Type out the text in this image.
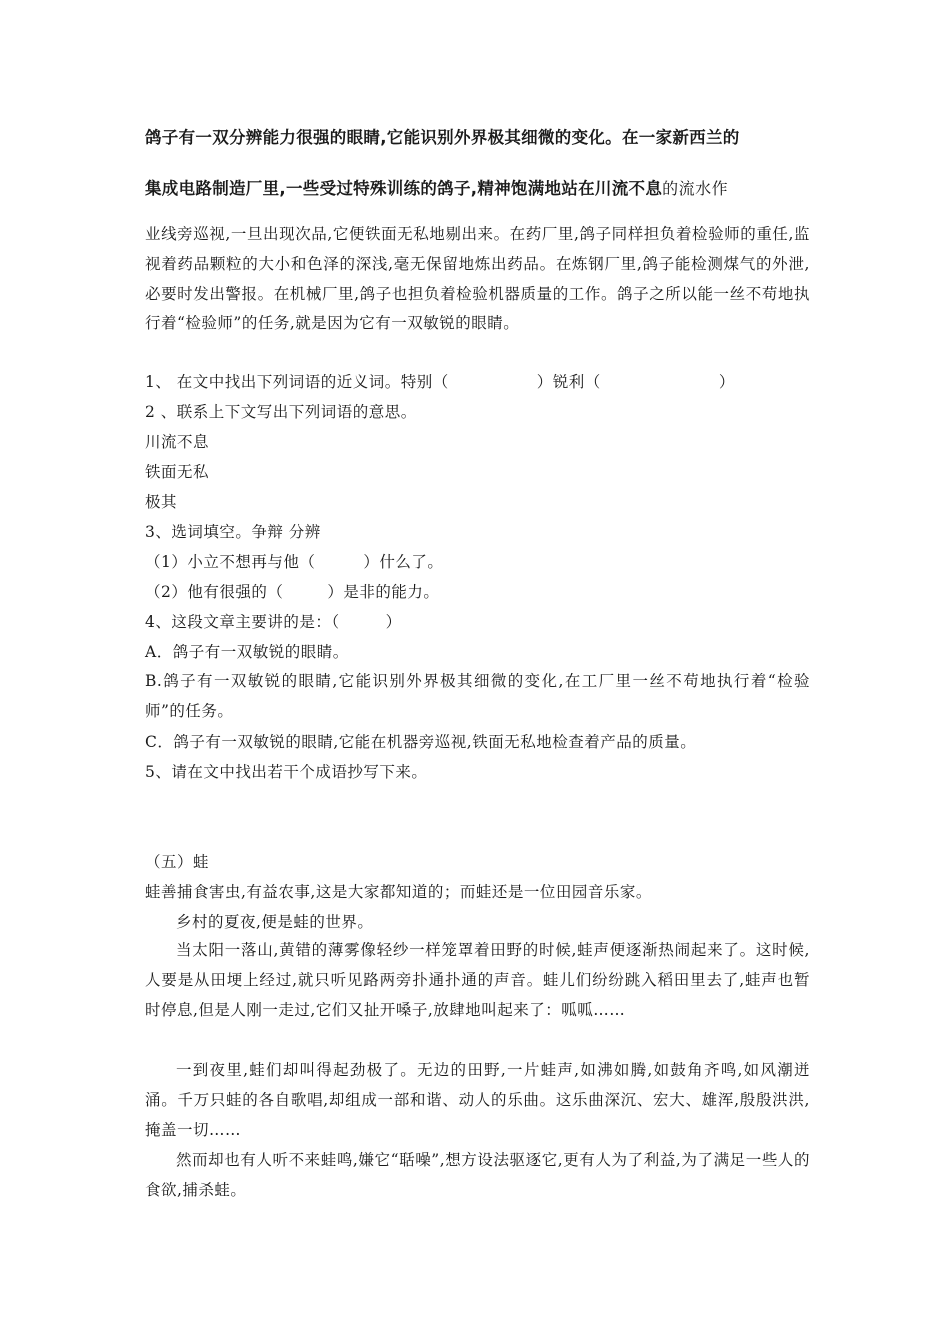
鸽子有一双分辨能力很强的眼睛,它能识别外界极其细微的变化。在一家新西兰的
集成电路制造厂里,一些受过特殊训练的鸽子,精神饱满地站在川流不息的流水作
业线旁巡视,一旦出现次品,它便铁面无私地剔出来。在药厂里,鸽子同样担负着检验师的重任,监视着药品颗粒的大小和色泽的深浅,毫无保留地炼出药品。在炼钢厂里,鸽子能检测煤气的外泄,必要时发出警报。在机械厂里,鸽子也担负着检验机器质量的工作。鸽子之所以能一丝不苟地执行着“检验师”的任务,就是因为它有一双敏锐的眼睛。
1、 在文中找出下列词语的近义词。特别（	）锐利（	）
2 、联系上下文写出下列词语的意思。
川流不息
铁面无私
极其
3、选词填空。争辩 分辨
（1）小立不想再与他（	）什么了。
（2）他有很强的（	）是非的能力。
4、这段文章主要讲的是：（	）
A．鸽子有一双敏锐的眼睛。
B.鸽子有一双敏锐的眼睛,它能识别外界极其细微的变化,在工厂里一丝不苟地执行着“检验师”的任务。
C．鸽子有一双敏锐的眼睛,它能在机器旁巡视,铁面无私地检查着产品的质量。
5、请在文中找出若干个成语抄写下来。
（五）蛙
蛙善捕食害虫,有益农事,这是大家都知道的；而蛙还是一位田园音乐家。
乡村的夏夜,便是蛙的世界。
当太阳一落山,黄错的薄雾像轻纱一样笼罩着田野的时候,蛙声便逐渐热闹起来了。这时候,人要是从田埂上经过,就只听见路两旁扑通扑通的声音。蛙儿们纷纷跳入稻田里去了,蛙声也暂时停息,但是人刚一走过,它们又扯开嗓子,放肆地叫起来了：呱呱……
一到夜里,蛙们却叫得起劲极了。无边的田野,一片蛙声,如沸如腾,如鼓角齐鸣,如风潮迸涌。千万只蛙的各自歌唱,却组成一部和谐、动人的乐曲。这乐曲深沉、宏大、雄浑,殷殷洪洪,掩盖一切……
然而却也有人听不来蛙鸣,嫌它“聒噪”,想方设法驱逐它,更有人为了利益,为了满足一些人的食欲,捕杀蛙。
